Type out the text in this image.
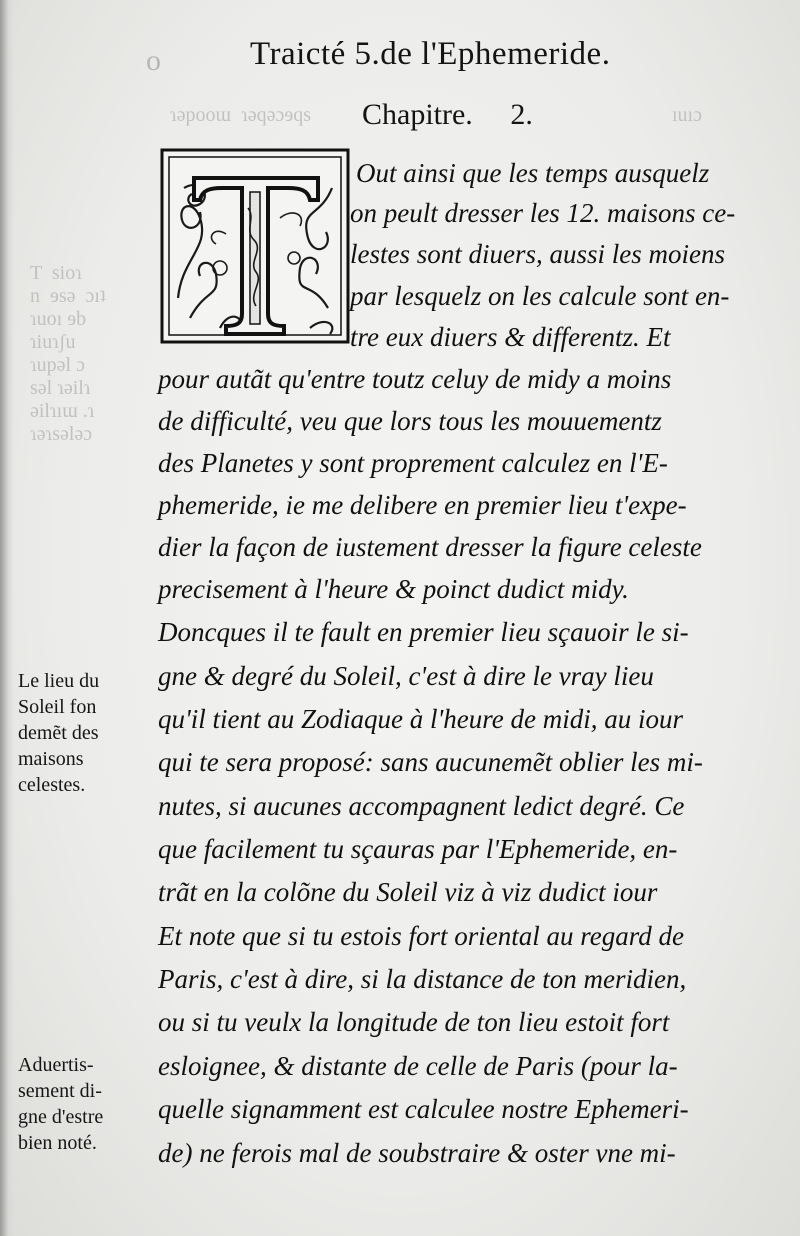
T  sioɿ
n  ɘsǝ  ɔıʇ
ɿuoı ɘb
ɿiuɿʃu
ɿupǝl ɔ
sǝl ɿǝilɿ
ǝilɿıɯ .ɿ
ɿǝɿsǝlǝɔ
ɿǝpooɯ  ɿǝqǝɔɘqs	ıuıɔ
o	Traicté 5.de l'Ephemeride.
Chapitre. 2.
Out ainsi que les temps ausquelz
on peult dresser les 12. maisons ce-
lestes sont diuers, aussi les moiens
par lesquelz on les calcule sont en-
tre eux diuers & differentz. Et
pour autãt qu'entre toutz celuy de midy a moins
de difficulté, veu que lors tous les mouuementz
des Planetes y sont proprement calculez en l'E-
phemeride, ie me delibere en premier lieu t'expe-
dier la façon de iustement dresser la figure celeste
precisement à l'heure & poinct dudict midy.
Doncques il te fault en premier lieu sçauoir le si-
gne & degré du Soleil, c'est à dire le vray lieu
qu'il tient au Zodiaque à l'heure de midi, au iour
qui te sera proposé: sans aucunemẽt oblier les mi-
nutes, si aucunes accompagnent ledict degré. Ce
que facilement tu sçauras par l'Ephemeride, en-
trãt en la colõne du Soleil viz à viz dudict iour
Et note que si tu estois fort oriental au regard de
Paris, c'est à dire, si la distance de ton meridien,
ou si tu veulx la longitude de ton lieu estoit fort
esloignee, & distante de celle de Paris (pour la-
quelle signamment est calculee nostre Ephemeri-
de) ne ferois mal de soubstraire & oster vne mi-
Le lieu du
Soleil fon
demẽt des
maisons
celestes.
Aduertis-
sement di-
gne d'estre
bien noté.
